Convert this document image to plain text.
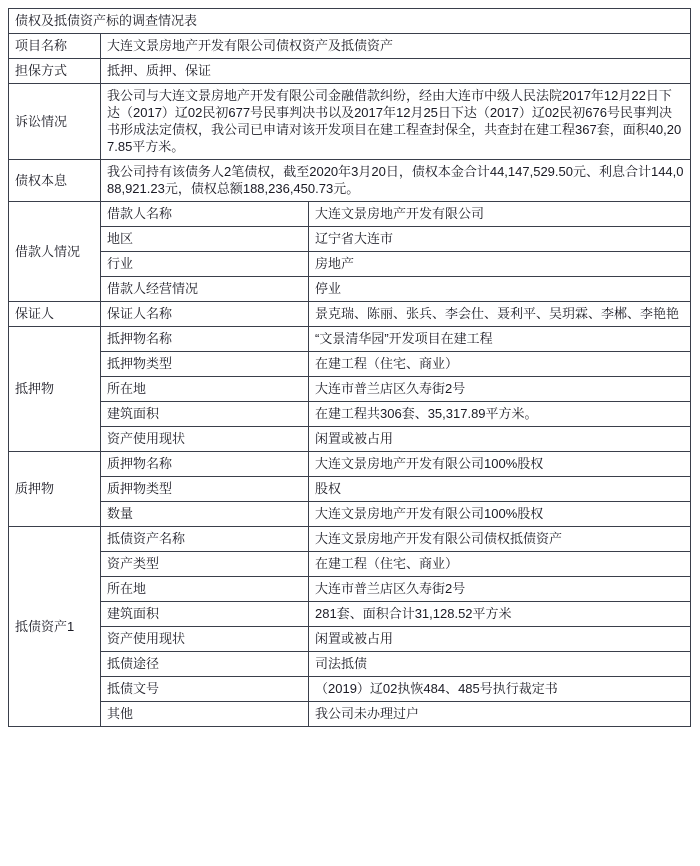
债权及抵债资产标的调查情况表		
项目名称	大连文景房地产开发有限公司债权资产及抵债资产	
担保方式	抵押、质押、保证	
诉讼情况	我公司与大连文景房地产开发有限公司金融借款纠纷，经由大连市中级人民法院2017年12月22日下达（2017）辽02民初677号民事判决书以及2017年12月25日下达（2017）辽02民初676号民事判决书形成法定债权，我公司已申请对该开发项目在建工程查封保全，共查封在建工程367套，面积40,207.85平方米。	
债权本息	我公司持有该债务人2笔债权，截至2020年3月20日，债权本金合计44,147,529.50元、利息合计144,088,921.23元，债权总额188,236,450.73元。	
借款人情况	借款人名称	大连文景房地产开发有限公司
	地区	辽宁省大连市
	行业	房地产
	借款人经营情况	停业
保证人	保证人名称	景克瑞、陈丽、张兵、李会仕、聂利平、吴玥霖、李郴、李艳艳
抵押物	抵押物名称	“文景清华园”开发项目在建工程
	抵押物类型	在建工程（住宅、商业）
	所在地	大连市普兰店区久寿街2号
	建筑面积	在建工程共306套、35,317.89平方米。
	资产使用现状	闲置或被占用
质押物	质押物名称	大连文景房地产开发有限公司100%股权
	质押物类型	股权
	数量	大连文景房地产开发有限公司100%股权
抵债资产1	抵债资产名称	大连文景房地产开发有限公司债权抵债资产
	资产类型	在建工程（住宅、商业）
	所在地	大连市普兰店区久寿街2号
	建筑面积	281套、面积合计31,128.52平方米
	资产使用现状	闲置或被占用
	抵债途径	司法抵债
	抵债文号	（2019）辽02执恢484、485号执行裁定书
	其他	我公司未办理过户
